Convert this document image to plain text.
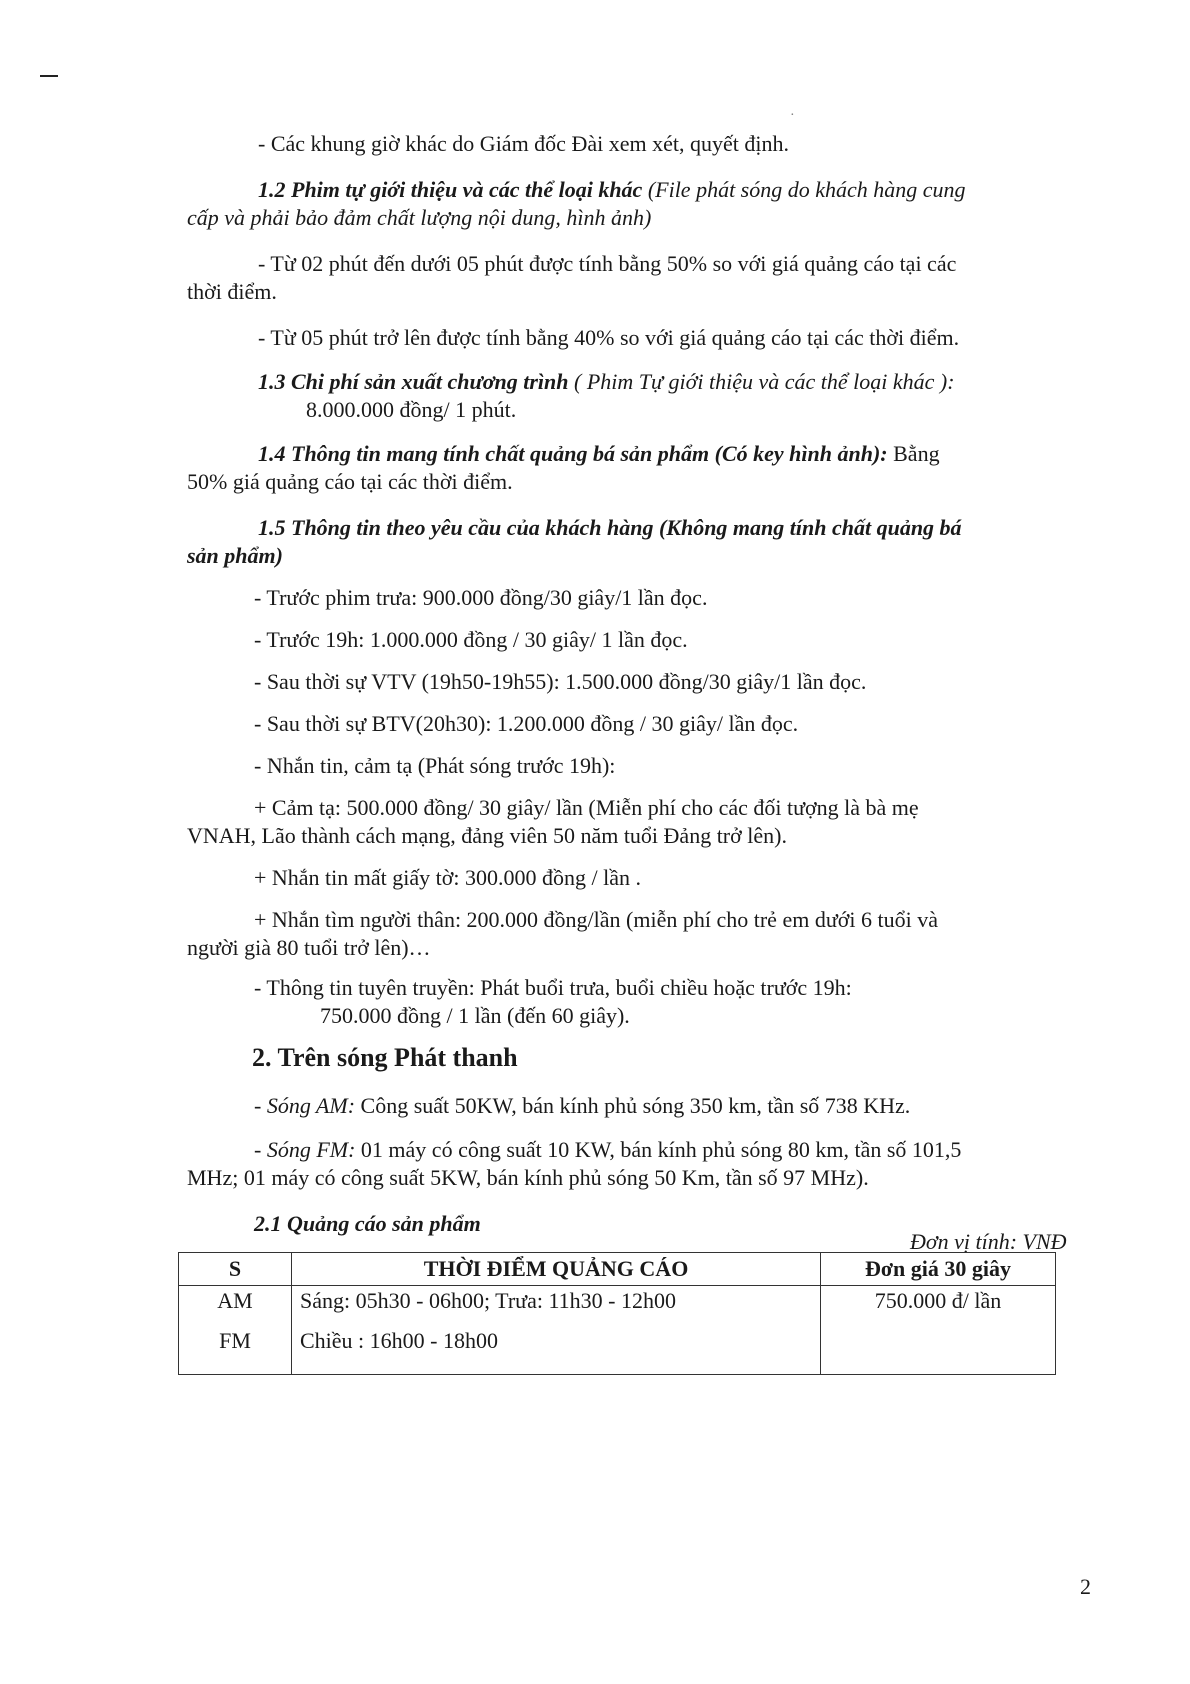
·
- Các khung giờ khác do Giám đốc Đài xem xét, quyết định.
1.2 Phim tự giới thiệu và các thể loại khác (File phát sóng do khách hàng cung
cấp và phải bảo đảm chất lượng nội dung, hình ảnh)
- Từ 02 phút đến dưới 05 phút được tính bằng 50% so với giá quảng cáo tại các
thời điểm.
- Từ 05 phút trở lên được tính bằng 40% so với giá quảng cáo tại các thời điểm.
1.3 Chi phí sản xuất chương trình ( Phim Tự giới thiệu và các thể loại khác ):
8.000.000 đồng/ 1 phút.
1.4 Thông tin mang tính chất quảng bá sản phẩm (Có key hình ảnh): Bằng
50% giá quảng cáo tại các thời điểm.
1.5 Thông tin theo yêu cầu của khách hàng (Không mang tính chất quảng bá
sản phẩm)
- Trước phim trưa: 900.000 đồng/30 giây/1 lần đọc.
- Trước 19h: 1.000.000 đồng / 30 giây/ 1 lần đọc.
- Sau thời sự VTV (19h50-19h55): 1.500.000 đồng/30 giây/1 lần đọc.
- Sau thời sự BTV(20h30): 1.200.000 đồng / 30 giây/ lần đọc.
- Nhắn tin, cảm tạ (Phát sóng trước 19h):
+ Cảm tạ: 500.000 đồng/ 30 giây/ lần (Miễn phí cho các đối tượng là bà mẹ
VNAH, Lão thành cách mạng, đảng viên 50 năm tuổi Đảng trở lên).
+ Nhắn tin mất giấy tờ: 300.000 đồng / lần .
+ Nhắn tìm người thân: 200.000 đồng/lần (miễn phí cho trẻ em dưới 6 tuổi và
người già 80 tuổi trở lên)…
- Thông tin tuyên truyền: Phát buổi trưa, buổi chiều hoặc trước 19h:
750.000 đồng / 1 lần (đến 60 giây).
2. Trên sóng Phát thanh
- Sóng AM: Công suất 50KW, bán kính phủ sóng 350 km, tần số 738 KHz.
- Sóng FM: 01 máy có công suất 10 KW, bán kính phủ sóng 80 km, tần số 101,5
MHz; 01 máy có công suất 5KW, bán kính phủ sóng 50 Km, tần số 97 MHz).
2.1 Quảng cáo sản phẩm
Đơn vị tính: VNĐ
S	THỜI ĐIỂM QUẢNG CÁO	Đơn giá 30 giây
AM	Sáng: 05h30 - 06h00; Trưa: 11h30 - 12h00	750.000 đ/ lần
FM	Chiều : 16h00 - 18h00	
2
